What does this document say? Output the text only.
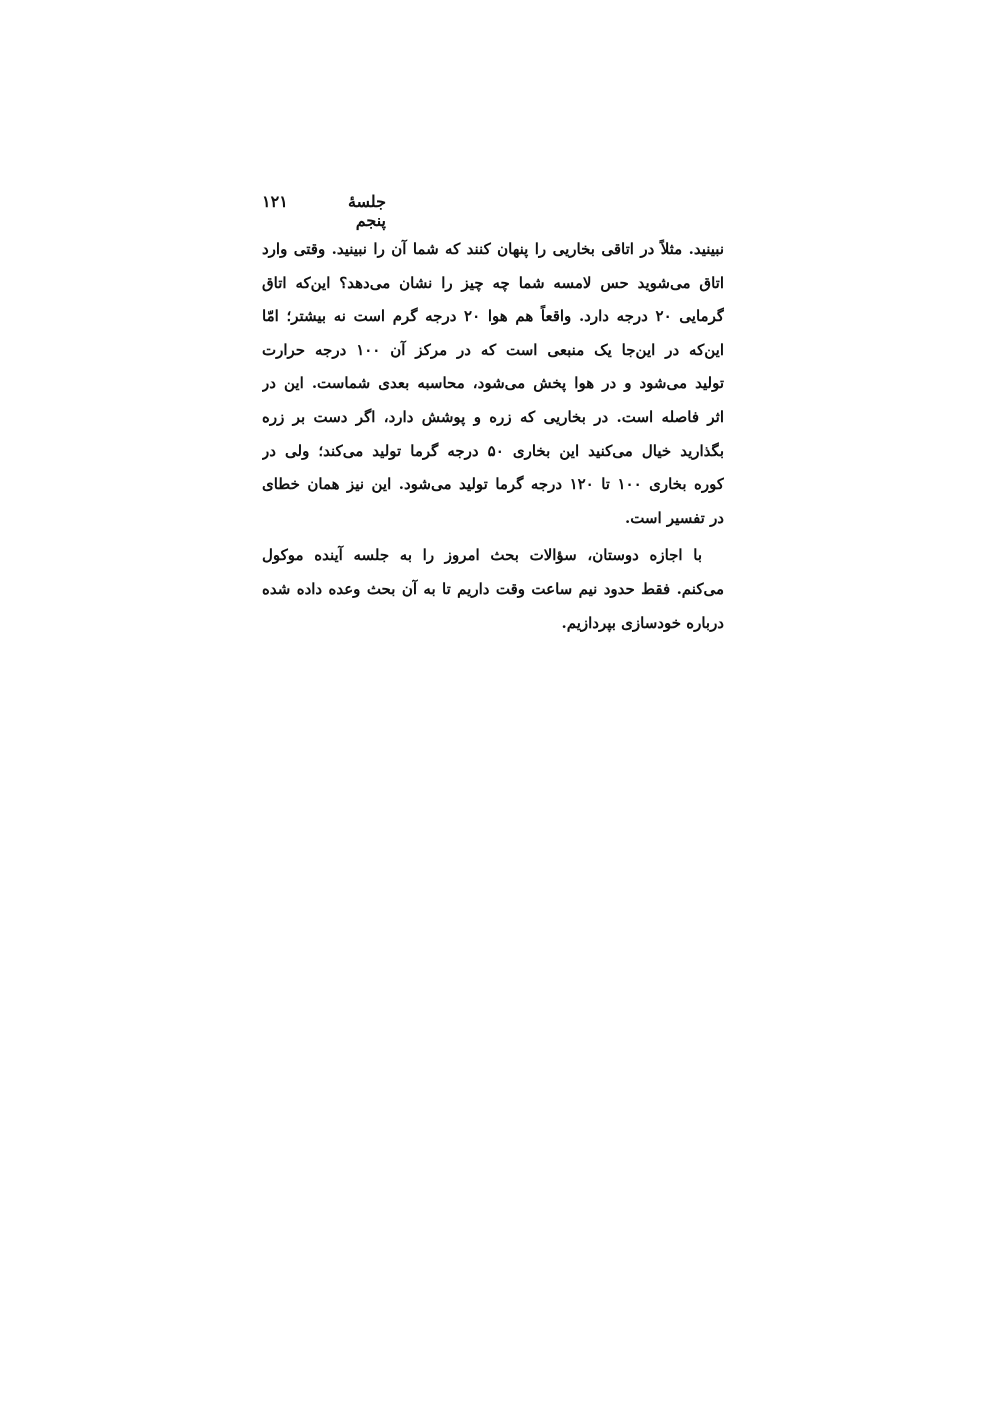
جلسهٔ پنجم
۱۲۱
نبینید. مثلاً در اتاقی بخاریی را پنهان کنند که شما آن را نبینید. وقتی وارد
اتاق می‌شوید حس لامسه شما چه چیز را نشان می‌دهد؟ این‌که اتاق
گرمایی ۲۰ درجه دارد. واقعاً هم هوا ۲۰ درجه گرم است نه بیشتر؛ امّا
این‌که در این‌جا یک منبعی است که در مرکز آن ۱۰۰ درجه حرارت
تولید می‌شود و در هوا پخش می‌شود، محاسبه بعدی شماست. این در
اثر فاصله است. در بخاریی که زره و پوشش دارد، اگر دست بر زره
بگذارید خیال می‌کنید این بخاری ۵۰ درجه گرما تولید می‌کند؛ ولی در
کوره بخاری ۱۰۰ تا ۱۲۰ درجه گرما تولید می‌شود. این نیز همان خطای
در تفسیر است.
با اجازه دوستان، سؤالات بحث امروز را به جلسه آینده موکول
می‌کنم. فقط حدود نیم ساعت وقت داریم تا به آن بحث وعده داده شده
درباره خودسازی بپردازیم.
